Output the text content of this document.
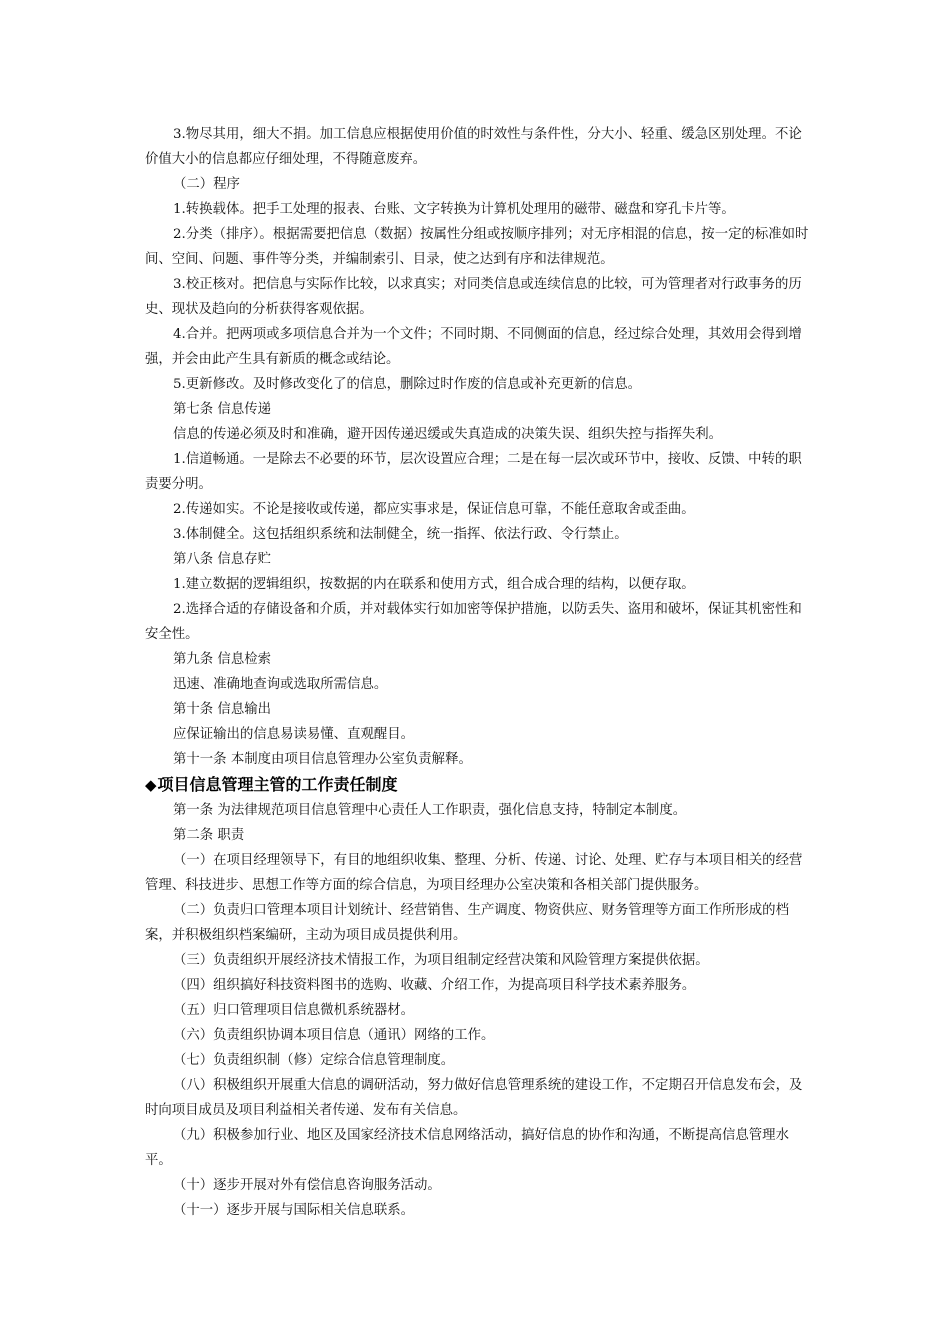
3.物尽其用，细大不捐。加工信息应根据使用价值的时效性与条件性，分大小、轻重、缓急区别处理。不论价值大小的信息都应仔细处理，不得随意废弃。

（二）程序

1.转换载体。把手工处理的报表、台账、文字转换为计算机处理用的磁带、磁盘和穿孔卡片等。

2.分类（排序）。根据需要把信息（数据）按属性分组或按顺序排列；对无序相混的信息，按一定的标准如时间、空间、问题、事件等分类，并编制索引、目录，使之达到有序和法律规范。

3.校正核对。把信息与实际作比较，以求真实；对同类信息或连续信息的比较，可为管理者对行政事务的历史、现状及趋向的分析获得客观依据。

4.合并。把两项或多项信息合并为一个文件；不同时期、不同侧面的信息，经过综合处理，其效用会得到增强，并会由此产生具有新质的概念或结论。

5.更新修改。及时修改变化了的信息，删除过时作废的信息或补充更新的信息。

第七条 信息传递

信息的传递必须及时和准确，避开因传递迟缓或失真造成的决策失误、组织失控与指挥失利。

1.信道畅通。一是除去不必要的环节，层次设置应合理；二是在每一层次或环节中，接收、反馈、中转的职责要分明。

2.传递如实。不论是接收或传递，都应实事求是，保证信息可靠，不能任意取舍或歪曲。

3.体制健全。这包括组织系统和法制健全，统一指挥、依法行政、令行禁止。

第八条 信息存贮

1.建立数据的逻辑组织，按数据的内在联系和使用方式，组合成合理的结构，以便存取。

2.选择合适的存储设备和介质，并对载体实行如加密等保护措施，以防丢失、盗用和破坏，保证其机密性和安全性。

第九条 信息检索

迅速、准确地查询或选取所需信息。

第十条 信息输出

应保证输出的信息易读易懂、直观醒目。

第十一条 本制度由项目信息管理办公室负责解释。

◆项目信息管理主管的工作责任制度

第一条 为法律规范项目信息管理中心责任人工作职责，强化信息支持，特制定本制度。

第二条 职责

（一）在项目经理领导下，有目的地组织收集、整理、分析、传递、讨论、处理、贮存与本项目相关的经营管理、科技进步、思想工作等方面的综合信息，为项目经理办公室决策和各相关部门提供服务。

（二）负责归口管理本项目计划统计、经营销售、生产调度、物资供应、财务管理等方面工作所形成的档案，并积极组织档案编研，主动为项目成员提供利用。

（三）负责组织开展经济技术情报工作，为项目组制定经营决策和风险管理方案提供依据。

（四）组织搞好科技资料图书的选购、收藏、介绍工作，为提高项目科学技术素养服务。

（五）归口管理项目信息微机系统器材。

（六）负责组织协调本项目信息（通讯）网络的工作。

（七）负责组织制（修）定综合信息管理制度。

（八）积极组织开展重大信息的调研活动，努力做好信息管理系统的建设工作，不定期召开信息发布会，及时向项目成员及项目利益相关者传递、发布有关信息。

（九）积极参加行业、地区及国家经济技术信息网络活动，搞好信息的协作和沟通，不断提高信息管理水平。

（十）逐步开展对外有偿信息咨询服务活动。

（十一）逐步开展与国际相关信息联系。
